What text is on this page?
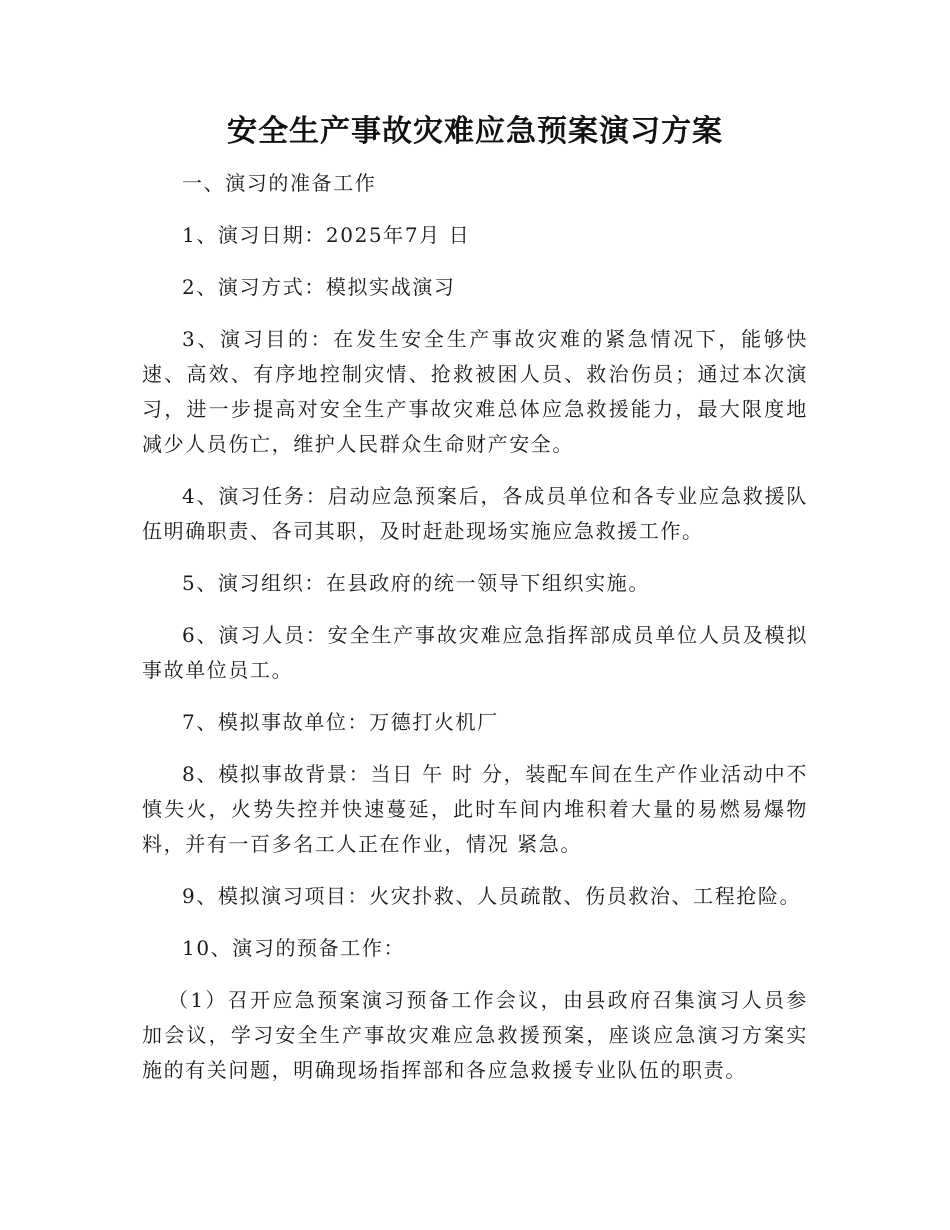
安全生产事故灾难应急预案演习方案

一、演习的准备工作

1、演习日期：2025年7月 日

2、演习方式：模拟实战演习

3、演习目的：在发生安全生产事故灾难的紧急情况下，能够快速、高效、有序地控制灾情、抢救被困人员、救治伤员；通过本次演习，进一步提高对安全生产事故灾难总体应急救援能力，最大限度地减少人员伤亡，维护人民群众生命财产安全。

4、演习任务：启动应急预案后，各成员单位和各专业应急救援队伍明确职责、各司其职，及时赶赴现场实施应急救援工作。

5、演习组织：在县政府的统一领导下组织实施。

6、演习人员：安全生产事故灾难应急指挥部成员单位人员及模拟事故单位员工。

7、模拟事故单位：万德打火机厂

8、模拟事故背景：当日 午 时 分，装配车间在生产作业活动中不慎失火，火势失控并快速蔓延，此时车间内堆积着大量的易燃易爆物料，并有一百多名工人正在作业，情况 紧急。

9、模拟演习项目：火灾扑救、人员疏散、伤员救治、工程抢险。

10、演习的预备工作：

（1）召开应急预案演习预备工作会议，由县政府召集演习人员参加会议，学习安全生产事故灾难应急救援预案，座谈应急演习方案实施的有关问题，明确现场指挥部和各应急救援专业队伍的职责。
